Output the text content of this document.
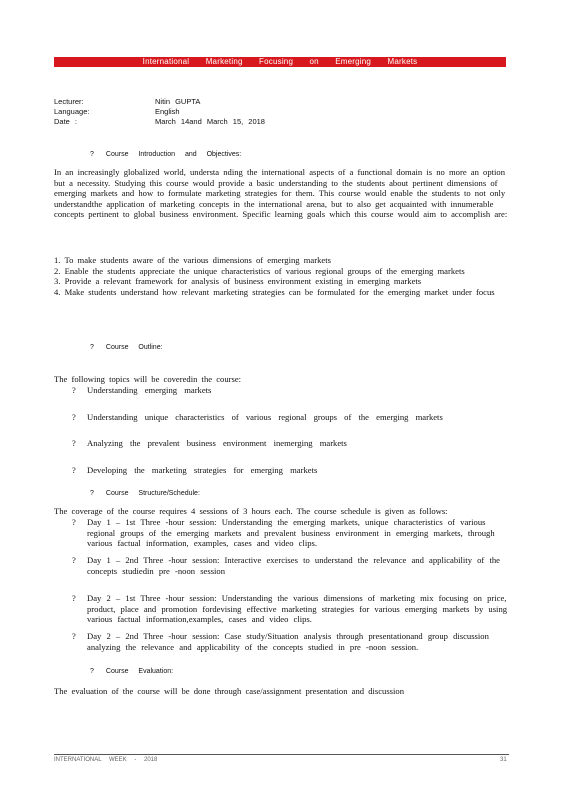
International Marketing Focusing on Emerging Markets
Lecturer:	Nitin GUPTA
Language:	English
Date :	March 14and March 15, 2018
? Course Introduction and Objectives:

In an increasingly globalized world, understa nding the international aspects of a functional domain is no more an option but a necessity. Studying this course would provide a basic understanding to the students about pertinent dimensions of emerging markets and how to formulate marketing strategies for them. This course would enable the students to not only understandthe application of marketing concepts in the international arena, but to also get acquainted with innumerable concepts pertinent to global business environment. Specific learning goals which this course would aim to accomplish are:

1. To make students aware of the various dimensions of emerging markets

2. Enable the students appreciate the unique characteristics of various regional groups of the emerging markets

3. Provide a relevant framework for analysis of business environment existing in emerging markets

4. Make students understand how relevant marketing strategies can be formulated for the emerging market under focus

? Course Outline:

The following topics will be coveredin the course:

? Understanding emerging markets
? Understanding unique characteristics of various regional groups of the emerging markets
? Analyzing the prevalent business environment inemerging markets
? Developing the marketing strategies for emerging markets
? Course Structure/Schedule:

The coverage of the course requires 4 sessions of 3 hours each. The course schedule is given as follows:

? Day 1 – 1st Three -hour session: Understanding the emerging markets, unique characteristics of various regional groups of the emerging markets and prevalent business environment in emerging markets, through various factual information, examples, cases and video clips.
? Day 1 – 2nd Three -hour session: Interactive exercises to understand the relevance and applicability of the concepts studiedin pre -noon session
? Day 2 – 1st Three -hour session: Understanding the various dimensions of marketing mix focusing on price, product, place and promotion fordevising effective marketing strategies for various emerging markets by using various factual information,examples, cases and video clips.
? Day 2 – 2nd Three -hour session: Case study/Situation analysis through presentationand group discussion analyzing the relevance and applicability of the concepts studied in pre -noon session.
? Course Evaluation:

The evaluation of the course will be done through case/assignment presentation and discussion

INTERNATIONAL WEEK - 2018	31
